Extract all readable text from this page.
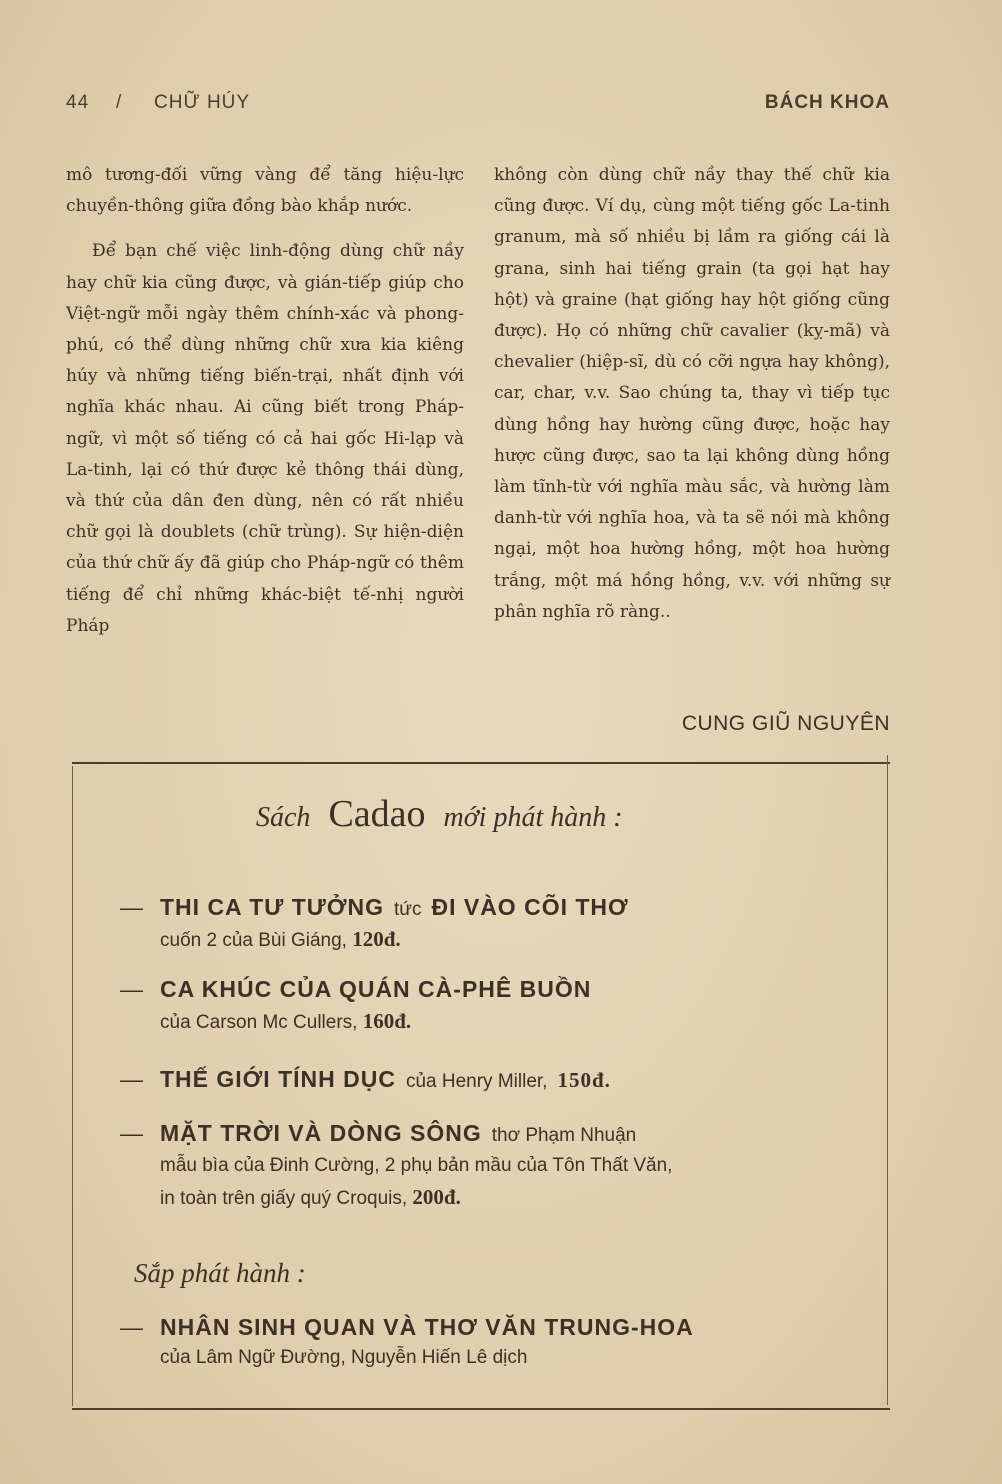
44 / CHỮ HÚY	BÁCH KHOA

mô tương-đối vững vàng để tăng hiệu-lực chuyền-thông giữa đồng bào khắp nước.

Để bạn chế việc linh-động dùng chữ nầy hay chữ kia cũng được, và gián-tiếp giúp cho Việt-ngữ mỗi ngày thêm chính-xác và phong-phú, có thể dùng những chữ xưa kia kiêng húy và những tiếng biến-trại, nhất định với nghĩa khác nhau. Ai cũng biết trong Pháp-ngữ, vì một số tiếng có cả hai gốc Hi-lạp và La-tinh, lại có thứ được kẻ thông thái dùng, và thứ của dân đen dùng, nên có rất nhiều chữ gọi là doublets (chữ trùng). Sự hiện-diện của thứ chữ ấy đã giúp cho Pháp-ngữ có thêm tiếng để chỉ những khác-biệt tế-nhị người Pháp

không còn dùng chữ nầy thay thế chữ kia cũng được. Ví dụ, cùng một tiếng gốc La-tinh granum, mà số nhiều bị lầm ra giống cái là grana, sinh hai tiếng grain (ta gọi hạt hay hột) và graine (hạt giống hay hột giống cũng được). Họ có những chữ cavalier (kỵ-mã) và chevalier (hiệp-sĩ, dù có cỡi ngựa hay không), car, char, v.v. Sao chúng ta, thay vì tiếp tục dùng hồng hay hường cũng được, hoặc hay hược cũng được, sao ta lại không dùng hồng làm tĩnh-từ với nghĩa màu sắc, và hường làm danh-từ với nghĩa hoa, và ta sẽ nói mà không ngại, một hoa hường hồng, một hoa hường trắng, một má hồng hồng, v.v. với những sự phân nghĩa rõ ràng..

CUNG GIŨ NGUYÊN
Sách Cadao mới phát hành :
— THI CA TƯ TƯỞNG tức ĐI VÀO CÕI THƠ
cuốn 2 của Bùi Giáng, 120đ.
— CA KHÚC CỦA QUÁN CÀ-PHÊ BUỒN
của Carson Mc Cullers, 160đ.
— THẾ GIỚI TÍNH DỤC của Henry Miller, 150đ.
— MẶT TRỜI VÀ DÒNG SÔNG thơ Phạm Nhuận
mẫu bìa của Đinh Cường, 2 phụ bản mầu của Tôn Thất Văn,
in toàn trên giấy quý Croquis, 200đ.
Sắp phát hành :
— NHÂN SINH QUAN VÀ THƠ VĂN TRUNG-HOA
của Lâm Ngữ Đường, Nguyễn Hiến Lê dịch
